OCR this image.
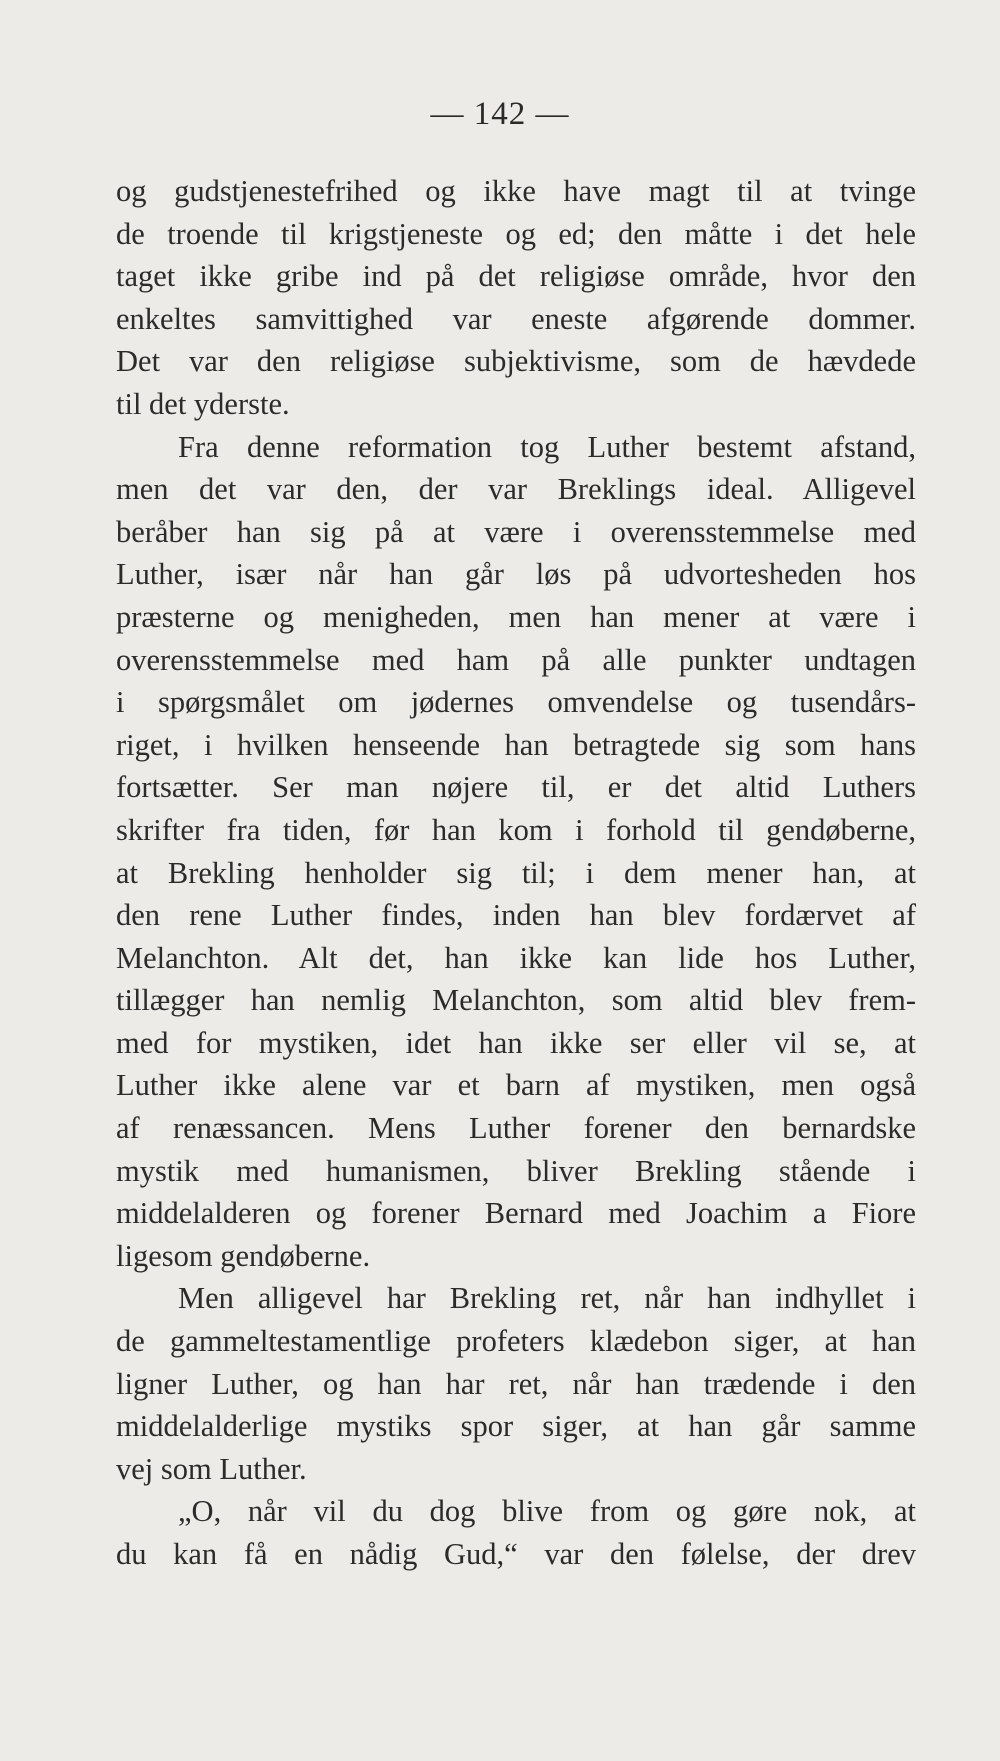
— 142 —
og gudstjenestefrihed og ikke have magt til at tvinge
de troende til krigstjeneste og ed; den måtte i det hele
taget ikke gribe ind på det religiøse område, hvor den
enkeltes samvittighed var eneste afgørende dommer.
Det var den religiøse subjektivisme, som de hævdede
til det yderste.
Fra denne reformation tog Luther bestemt afstand,
men det var den, der var Breklings ideal. Alligevel
beråber han sig på at være i overensstemmelse med
Luther, især når han går løs på udvortesheden hos
præsterne og menigheden, men han mener at være i
overensstemmelse med ham på alle punkter undtagen
i spørgsmålet om jødernes omvendelse og tusendårs-
riget, i hvilken henseende han betragtede sig som hans
fortsætter. Ser man nøjere til, er det altid Luthers
skrifter fra tiden, før han kom i forhold til gendøberne,
at Brekling henholder sig til; i dem mener han, at
den rene Luther findes, inden han blev fordærvet af
Melanchton. Alt det, han ikke kan lide hos Luther,
tillægger han nemlig Melanchton, som altid blev frem-
med for mystiken, idet han ikke ser eller vil se, at
Luther ikke alene var et barn af mystiken, men også
af renæssancen. Mens Luther forener den bernardske
mystik med humanismen, bliver Brekling stående i
middelalderen og forener Bernard med Joachim a Fiore
ligesom gendøberne.
Men alligevel har Brekling ret, når han indhyllet i
de gammeltestamentlige profeters klædebon siger, at han
ligner Luther, og han har ret, når han trædende i den
middelalderlige mystiks spor siger, at han går samme
vej som Luther.
„O, når vil du dog blive from og gøre nok, at
du kan få en nådig Gud,“ var den følelse, der drev
